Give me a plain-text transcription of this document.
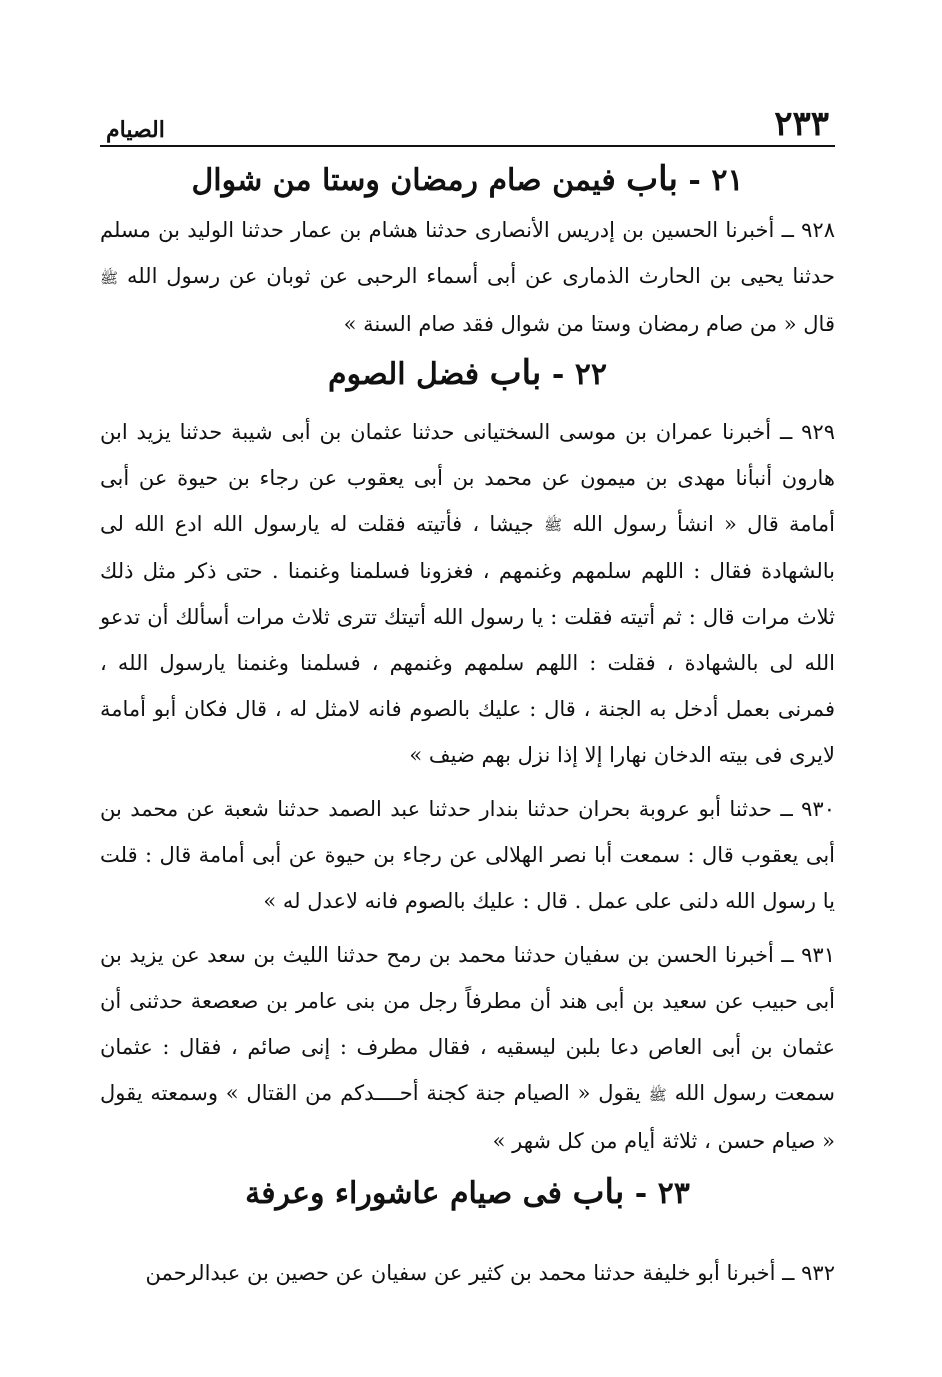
٢٣٣
الصيام
٢١ - باب فيمن صام رمضان وستا من شوال

٩٢٨ ــ أخبرنا الحسين بن إدريس الأنصارى حدثنا هشام بن عمار حدثنا الوليد بن مسلم حدثنا يحيى بن الحارث الذمارى عن أبى أسماء الرحبى عن ثوبان عن رسول الله ﷺ قال « من صام رمضان وستا من شوال فقد صام السنة »

٢٢ - باب فضل الصوم

٩٢٩ ــ أخبرنا عمران بن موسى السختيانى حدثنا عثمان بن أبى شيبة حدثنا يزيد ابن هارون أنبأنا مهدى بن ميمون عن محمد بن أبى يعقوب عن رجاء بن حيوة عن أبى أمامة قال « انشأ رسول الله ﷺ جيشا ، فأتيته فقلت له يارسول الله ادع الله لى بالشهادة فقال : اللهم سلمهم وغنمهم ، فغزونا فسلمنا وغنمنا . حتى ذكر مثل ذلك ثلاث مرات قال : ثم أتيته فقلت : يا رسول الله أتيتك تترى ثلاث مرات أسألك أن تدعو الله لى بالشهادة ، فقلت : اللهم سلمهم وغنمهم ، فسلمنا وغنمنا يارسول الله ، فمرنى بعمل أدخل به الجنة ، قال : عليك بالصوم فانه لامثل له ، قال فكان أبو أمامة لايرى فى بيته الدخان نهارا إلا إذا نزل بهم ضيف »

٩٣٠ ــ حدثنا أبو عروبة بحران حدثنا بندار حدثنا عبد الصمد حدثنا شعبة عن محمد بن أبى يعقوب قال : سمعت أبا نصر الهلالى عن رجاء بن حيوة عن أبى أمامة قال : قلت يا رسول الله دلنى على عمل . قال : عليك بالصوم فانه لاعدل له »

٩٣١ ــ أخبرنا الحسن بن سفيان حدثنا محمد بن رمح حدثنا الليث بن سعد عن يزيد بن أبى حبيب عن سعيد بن أبى هند أن مطرفاً رجل من بنى عامر بن صعصعة حدثنى أن عثمان بن أبى العاص دعا بلبن ليسقيه ، فقال مطرف : إنى صائم ، فقال : عثمان سمعت رسول الله ﷺ يقول « الصيام جنة كجنة أحــــدكم من القتال » وسمعته يقول « صيام حسن ، ثلاثة أيام من كل شهر »

٢٣ - باب فى صيام عاشوراء وعرفة

٩٣٢ ــ أخبرنا أبو خليفة حدثنا محمد بن كثير عن سفيان عن حصين بن عبدالرحمن
